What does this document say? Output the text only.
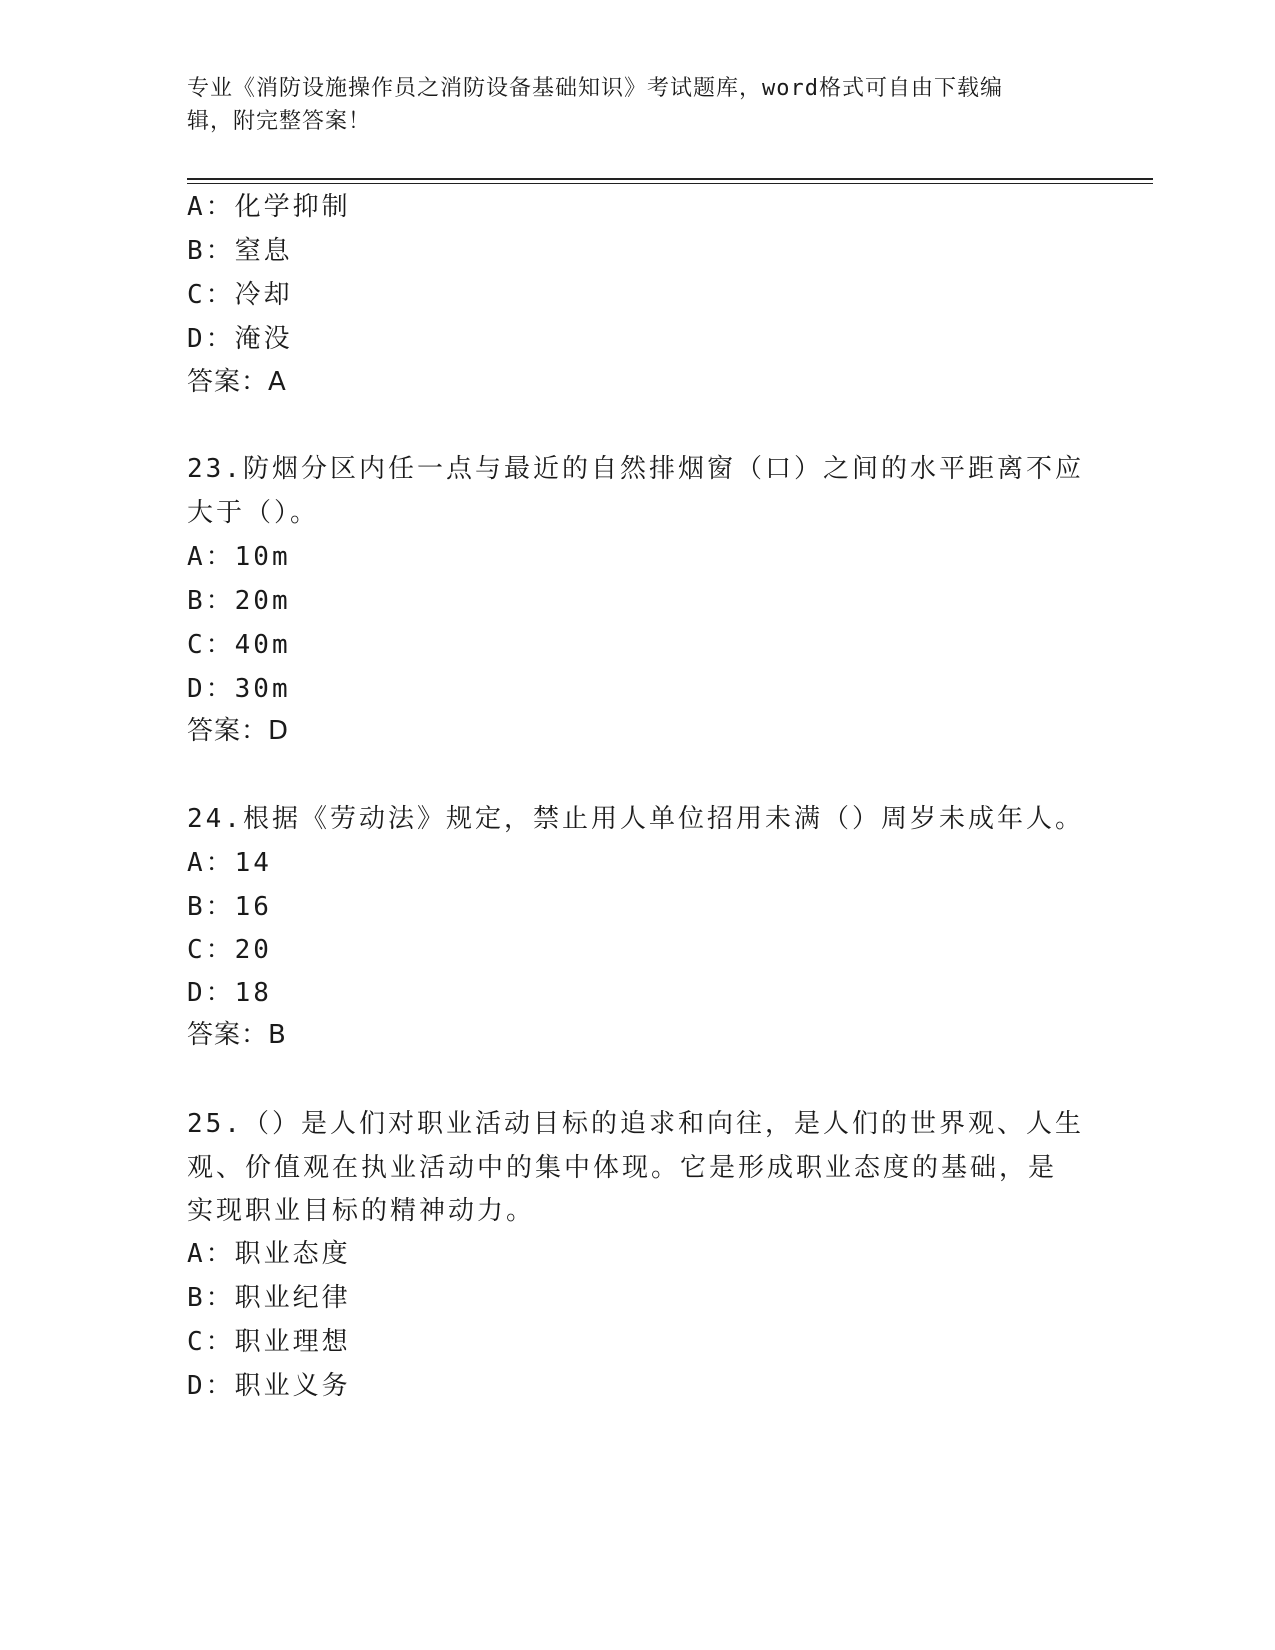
专业《消防设施操作员之消防设备基础知识》考试题库，word格式可自由下载编
辑，附完整答案！
A：化学抑制
B：窒息
C：冷却
D：淹没
答案：A
23.防烟分区内任一点与最近的自然排烟窗（口）之间的水平距离不应
大于（）。
A：10m
B：20m
C：40m
D：30m
答案：D
24.根据《劳动法》规定，禁止用人单位招用未满（）周岁未成年人。
A：14
B：16
C：20
D：18
答案：B
25.（）是人们对职业活动目标的追求和向往，是人们的世界观、人生
观、价值观在执业活动中的集中体现。它是形成职业态度的基础，是
实现职业目标的精神动力。
A：职业态度
B：职业纪律
C：职业理想
D：职业义务
